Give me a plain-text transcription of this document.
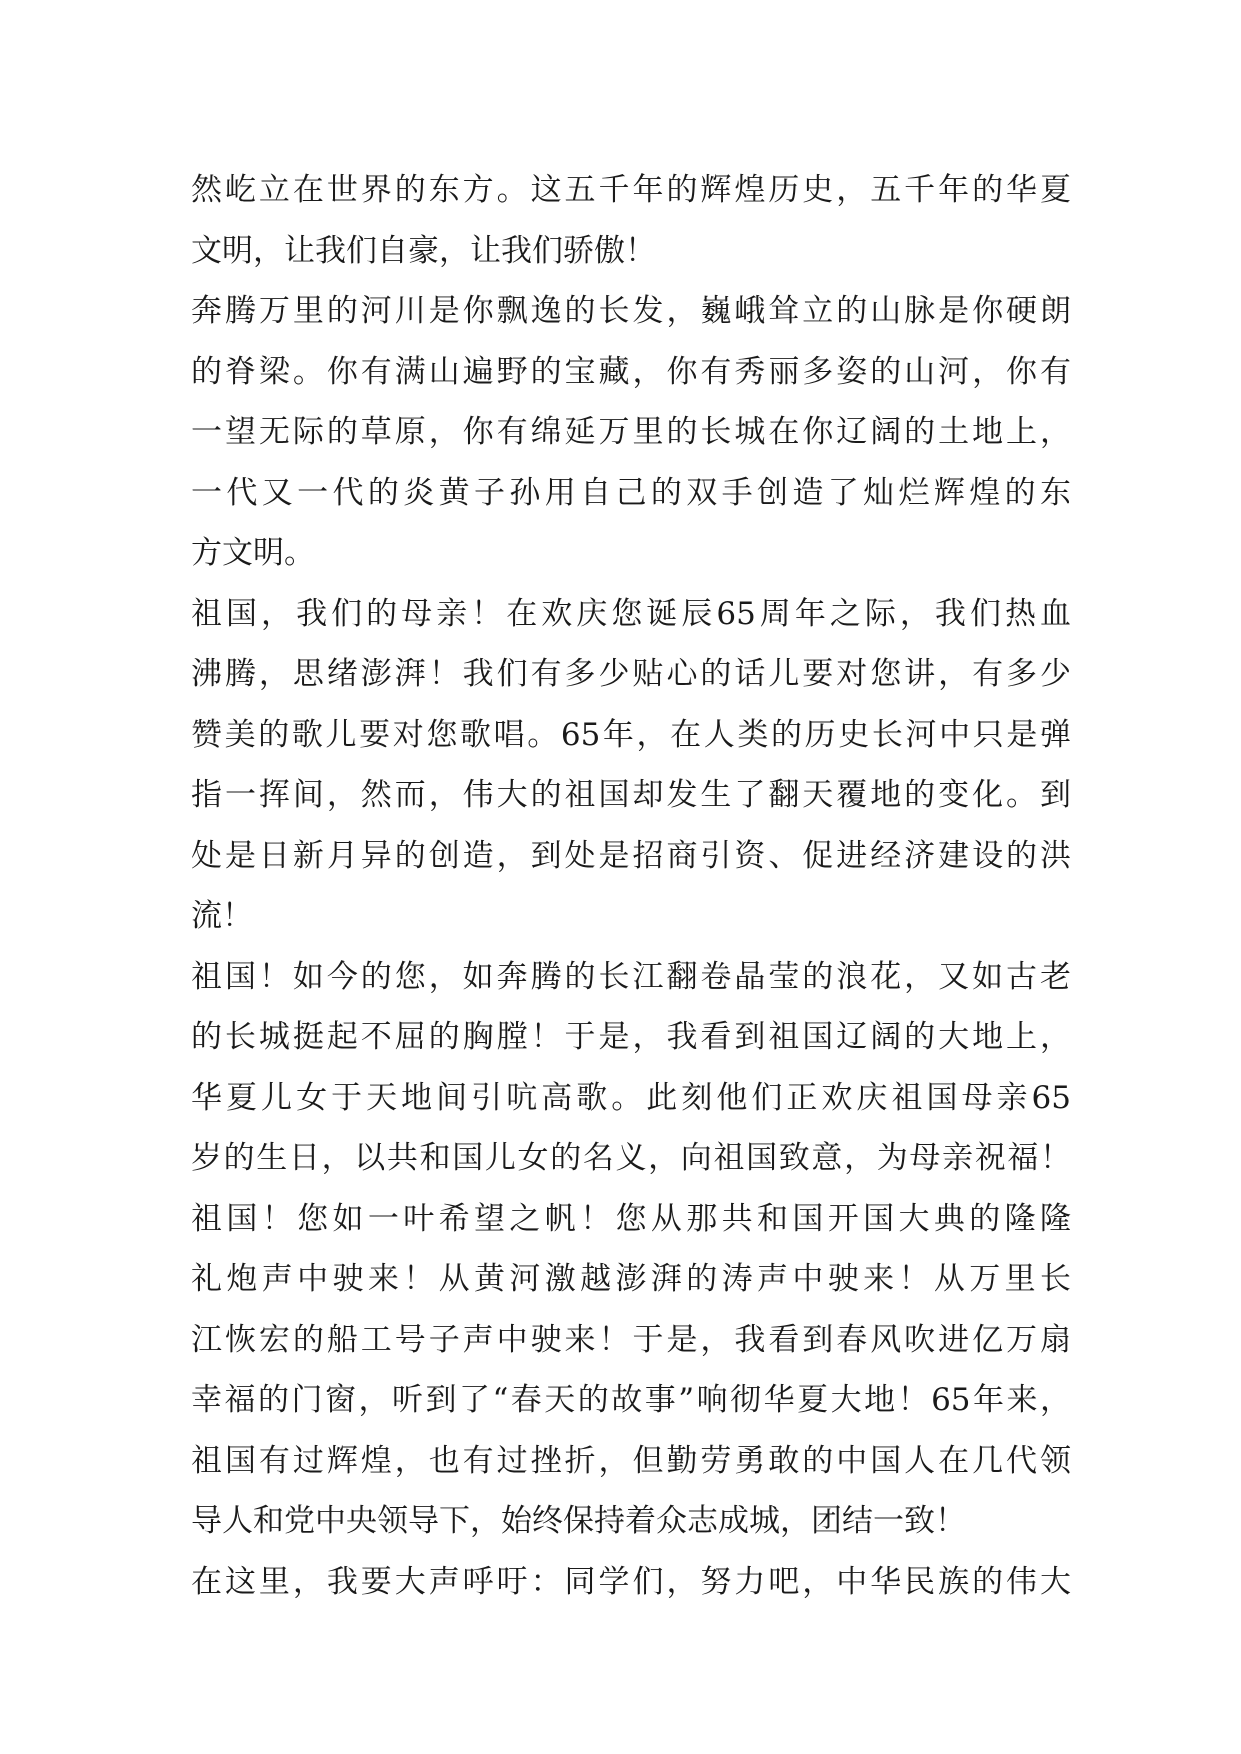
然屹立在世界的东方。这五千年的辉煌历史，五千年的华夏
文明，让我们自豪，让我们骄傲！
奔腾万里的河川是你飘逸的长发，巍峨耸立的山脉是你硬朗
的脊梁。你有满山遍野的宝藏，你有秀丽多姿的山河，你有
一望无际的草原，你有绵延万里的长城在你辽阔的土地上，
一代又一代的炎黄子孙用自己的双手创造了灿烂辉煌的东
方文明。
祖国，我们的母亲！在欢庆您诞辰65周年之际，我们热血
沸腾，思绪澎湃！我们有多少贴心的话儿要对您讲，有多少
赞美的歌儿要对您歌唱。65年，在人类的历史长河中只是弹
指一挥间，然而，伟大的祖国却发生了翻天覆地的变化。到
处是日新月异的创造，到处是招商引资、促进经济建设的洪
流！
祖国！如今的您，如奔腾的长江翻卷晶莹的浪花，又如古老
的长城挺起不屈的胸膛！于是，我看到祖国辽阔的大地上，
华夏儿女于天地间引吭高歌。此刻他们正欢庆祖国母亲65
岁的生日，以共和国儿女的名义，向祖国致意，为母亲祝福！
祖国！您如一叶希望之帆！您从那共和国开国大典的隆隆
礼炮声中驶来！从黄河激越澎湃的涛声中驶来！从万里长
江恢宏的船工号子声中驶来！于是，我看到春风吹进亿万扇
幸福的门窗，听到了“春天的故事”响彻华夏大地！65年来，
祖国有过辉煌，也有过挫折，但勤劳勇敢的中国人在几代领
导人和党中央领导下，始终保持着众志成城，团结一致！
在这里，我要大声呼吁：同学们，努力吧，中华民族的伟大
